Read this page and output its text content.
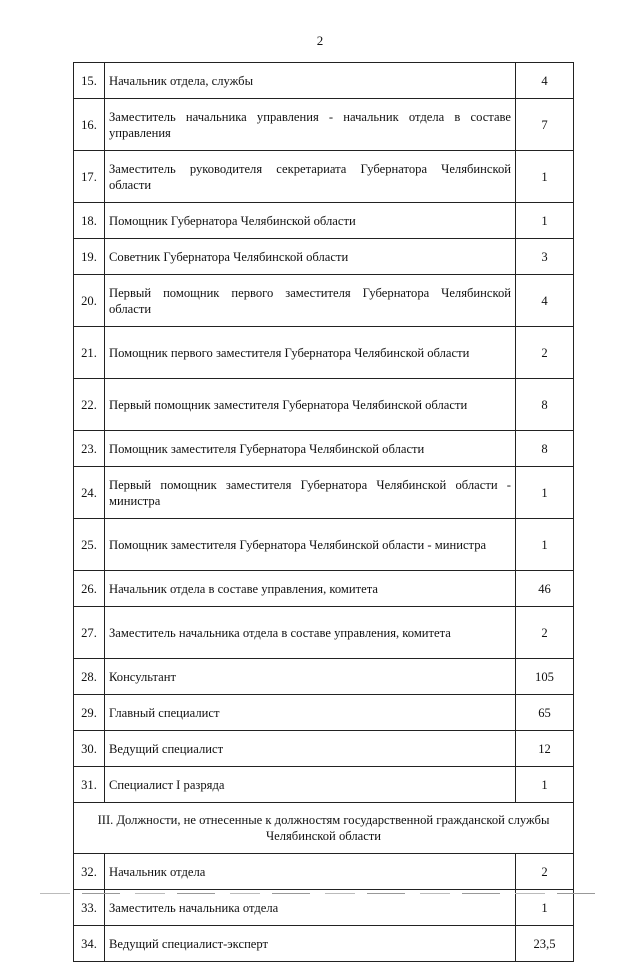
2
15.	Начальник отдела, службы	4
16.	Заместитель начальника управления - начальник отдела в составе управления	7
17.	Заместитель руководителя секретариата Губернатора Челябинской области	1
18.	Помощник Губернатора Челябинской области	1
19.	Советник Губернатора Челябинской области	3
20.	Первый помощник первого заместителя Губернатора Челябинской области	4
21.	Помощник первого заместителя Губернатора Челябинской области	2
22.	Первый помощник заместителя Губернатора Челябинской области	8
23.	Помощник заместителя Губернатора Челябинской области	8
24.	Первый помощник заместителя Губернатора Челябинской области - министра	1
25.	Помощник заместителя Губернатора Челябинской области - министра	1
26.	Начальник отдела в составе управления, комитета	46
27.	Заместитель начальника отдела в составе управления, комитета	2
28.	Консультант	105
29.	Главный специалист	65
30.	Ведущий специалист	12
31.	Специалист I разряда	1
III. Должности, не отнесенные к должностям государственной гражданской службы Челябинской области		
32.	Начальник отдела	2
33.	Заместитель начальника отдела	1
34.	Ведущий специалист-эксперт	23,5
